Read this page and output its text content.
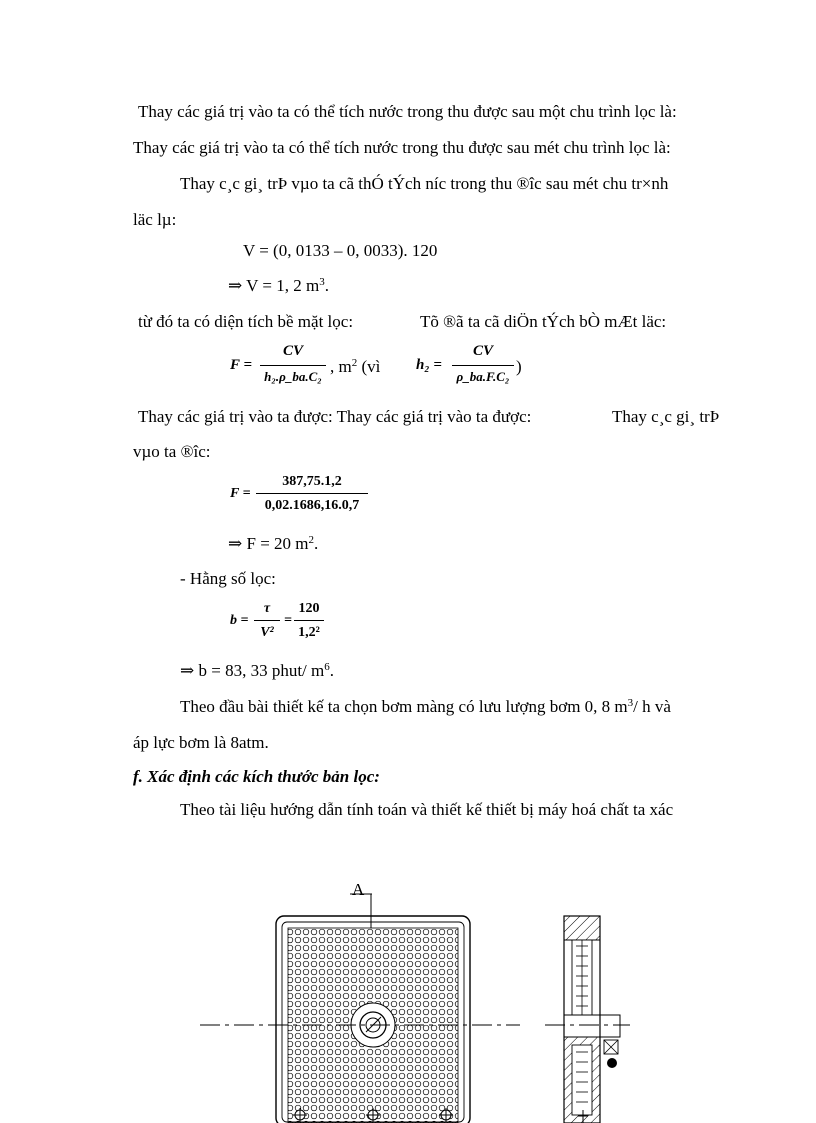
Thay các giá trị vào ta có thể tích nước trong thu được sau một chu trình lọc là:
Thay các giá trị vào ta có thể tích nước trong thu được sau mét chu trình lọc là:
Thay c¸c gi¸ trÞ vµo ta cã thÓ tÝch níc trong thu ®îc sau mét chu tr×nh
läc lµ:
V = (0, 0133 – 0, 0033). 120
⇒ V = 1, 2 $m^3$.
từ đó ta có diện tích bề mặt lọc:	Tõ ®ã ta cã diÖn tÝch bÒ mÆt läc:
F =
CV
h₂.ρ_ba.C₂
, $m^2$ (vì h₂ =
CV
ρ_ba.F.C₂
)
Thay các giá trị vào ta được: Thay các giá trị vào ta được:	Thay c¸c gi¸ trÞ
vµo ta ®îc:
F =
387,75.1,2
0,02.1686,16.0,7
⇒ F = 20 $m^2$.
- Hằng số lọc:
b =
τ
V²
=
120
1,2²
⇒ b = 83, 33 phut/ $m^6$.
Theo đầu bài thiết kế ta chọn bơm màng có lưu lượng bơm 0, 8 $m^3/$ h và
áp lực bơm là 8atm.
f. Xác định các kích thước bản lọc:
Theo tài liệu hướng dẫn tính toán và thiết kế thiết bị máy hoá chất ta xác
A
